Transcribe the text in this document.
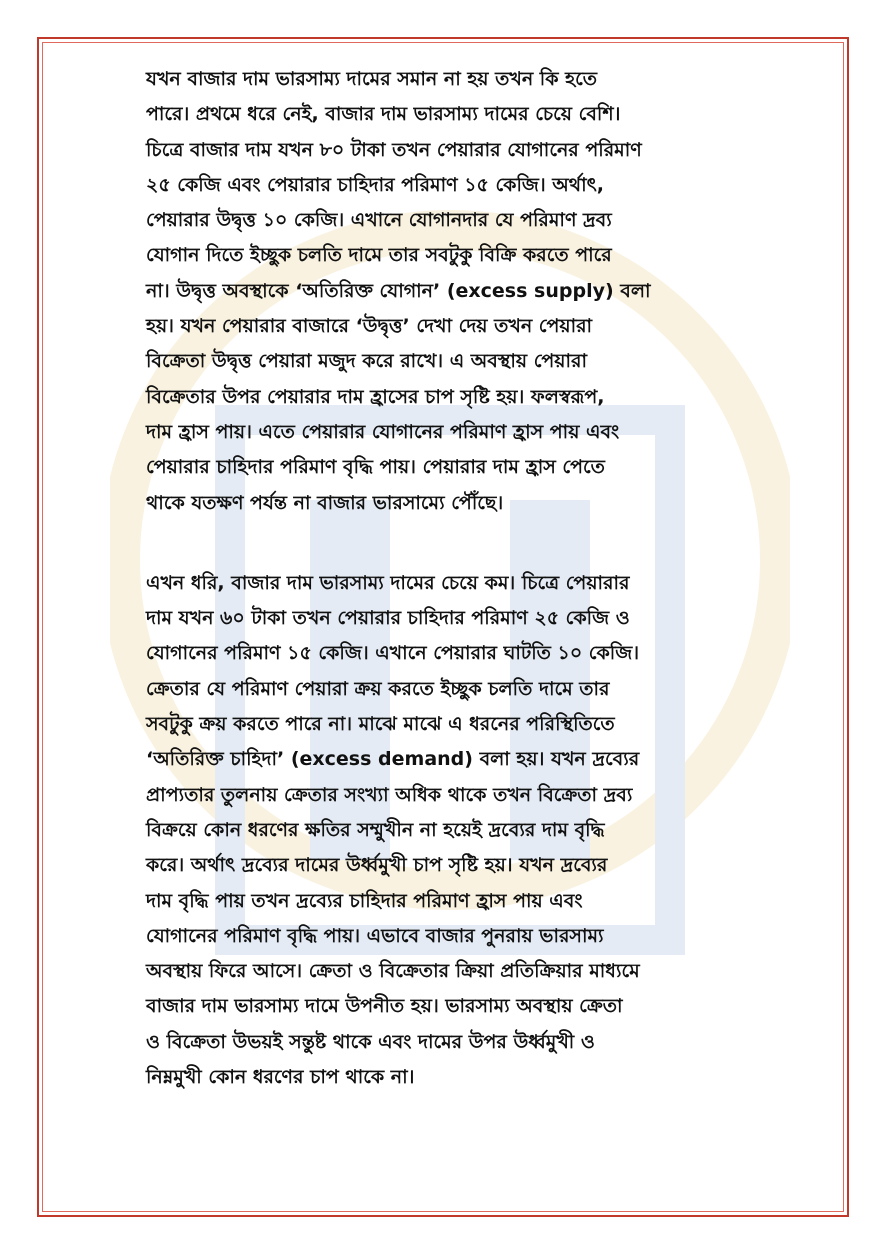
যখন বাজার দাম ভারসাম্য দামের সমান না হয় তখন কি হতে
পারে। প্রথমে ধরে নেই, বাজার দাম ভারসাম্য দামের চেয়ে বেশি।
চিত্রে বাজার দাম যখন ৮০ টাকা তখন পেয়ারার যোগানের পরিমাণ
২৫ কেজি এবং পেয়ারার চাহিদার পরিমাণ ১৫ কেজি। অর্থাৎ,
পেয়ারার উদ্বৃত্ত ১০ কেজি। এখানে যোগানদার যে পরিমাণ দ্রব্য
যোগান দিতে ইচ্ছুক চলতি দামে তার সবটুকু বিক্রি করতে পারে
না। উদ্বৃত্ত অবস্থাকে ‘অতিরিক্ত যোগান’ (excess supply) বলা
হয়। যখন পেয়ারার বাজারে ‘উদ্বৃত্ত’ দেখা দেয় তখন পেয়ারা
বিক্রেতা উদ্বৃত্ত পেয়ারা মজুদ করে রাখে। এ অবস্থায় পেয়ারা
বিক্রেতার উপর পেয়ারার দাম হ্রাসের চাপ সৃষ্টি হয়। ফলস্বরূপ,
দাম হ্রাস পায়। এতে পেয়ারার যোগানের পরিমাণ হ্রাস পায় এবং
পেয়ারার চাহিদার পরিমাণ বৃদ্ধি পায়। পেয়ারার দাম হ্রাস পেতে
থাকে যতক্ষণ পর্যন্ত না বাজার ভারসাম্যে পৌঁছে।

এখন ধরি, বাজার দাম ভারসাম্য দামের চেয়ে কম। চিত্রে পেয়ারার
দাম যখন ৬০ টাকা তখন পেয়ারার চাহিদার পরিমাণ ২৫ কেজি ও
যোগানের পরিমাণ ১৫ কেজি। এখানে পেয়ারার ঘাটতি ১০ কেজি।
ক্রেতার যে পরিমাণ পেয়ারা ক্রয় করতে ইচ্ছুক চলতি দামে তার
সবটুকু ক্রয় করতে পারে না। মাঝে মাঝে এ ধরনের পরিস্থিতিতে
‘অতিরিক্ত চাহিদা’ (excess demand) বলা হয়। যখন দ্রব্যের
প্রাপ্যতার তুলনায় ক্রেতার সংখ্যা অধিক থাকে তখন বিক্রেতা দ্রব্য
বিক্রয়ে কোন ধরণের ক্ষতির সম্মুখীন না হয়েই দ্রব্যের দাম বৃদ্ধি
করে। অর্থাৎ দ্রব্যের দামের উর্ধ্বমুখী চাপ সৃষ্টি হয়। যখন দ্রব্যের
দাম বৃদ্ধি পায় তখন দ্রব্যের চাহিদার পরিমাণ হ্রাস পায় এবং
যোগানের পরিমাণ বৃদ্ধি পায়। এভাবে বাজার পুনরায় ভারসাম্য
অবস্থায় ফিরে আসে। ক্রেতা ও বিক্রেতার ক্রিয়া প্রতিক্রিয়ার মাধ্যমে
বাজার দাম ভারসাম্য দামে উপনীত হয়। ভারসাম্য অবস্থায় ক্রেতা
ও বিক্রেতা উভয়ই সন্তুষ্ট থাকে এবং দামের উপর উর্ধ্বমুখী ও
নিম্নমুখী কোন ধরণের চাপ থাকে না।
